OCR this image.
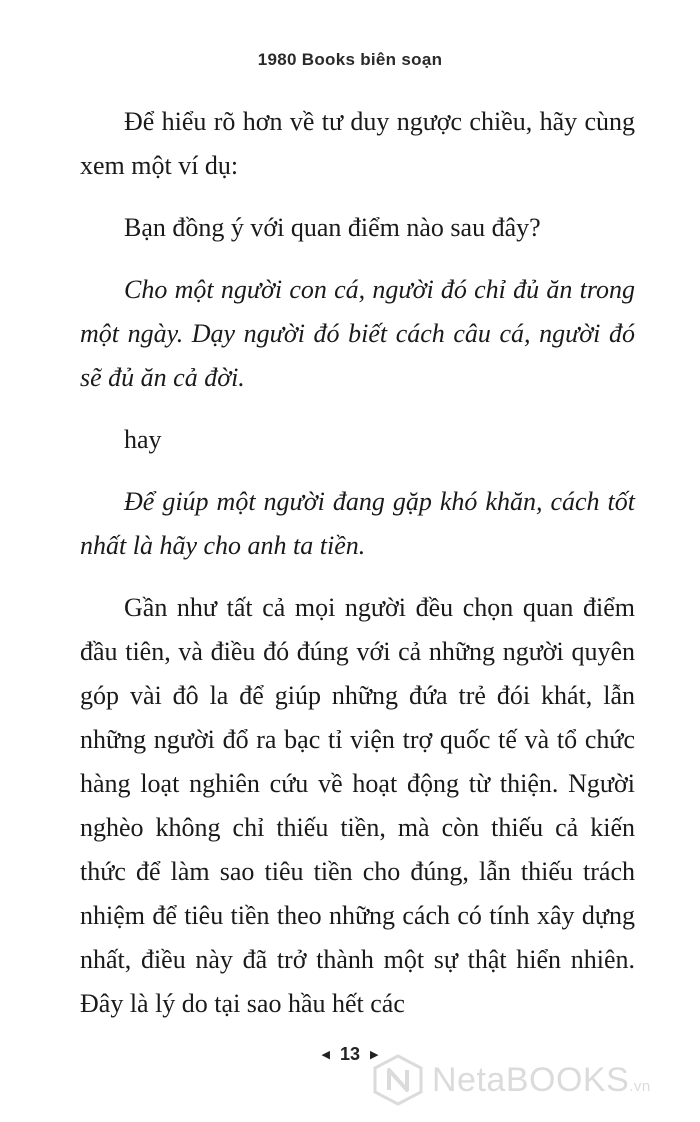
1980 Books biên soạn

Để hiểu rõ hơn về tư duy ngược chiều, hãy cùng xem một ví dụ:

Bạn đồng ý với quan điểm nào sau đây?

Cho một người con cá, người đó chỉ đủ ăn trong một ngày. Dạy người đó biết cách câu cá, người đó sẽ đủ ăn cả đời.

hay

Để giúp một người đang gặp khó khăn, cách tốt nhất là hãy cho anh ta tiền.

Gần như tất cả mọi người đều chọn quan điểm đầu tiên, và điều đó đúng với cả những người quyên góp vài đô la để giúp những đứa trẻ đói khát, lẫn những người đổ ra bạc tỉ viện trợ quốc tế và tổ chức hàng loạt nghiên cứu về hoạt động từ thiện. Người nghèo không chỉ thiếu tiền, mà còn thiếu cả kiến thức để làm sao tiêu tiền cho đúng, lẫn thiếu trách nhiệm để tiêu tiền theo những cách có tính xây dựng nhất, điều này đã trở thành một sự thật hiển nhiên. Đây là lý do tại sao hầu hết các

◀ 13 ▶
NetaBOOKS.vn
